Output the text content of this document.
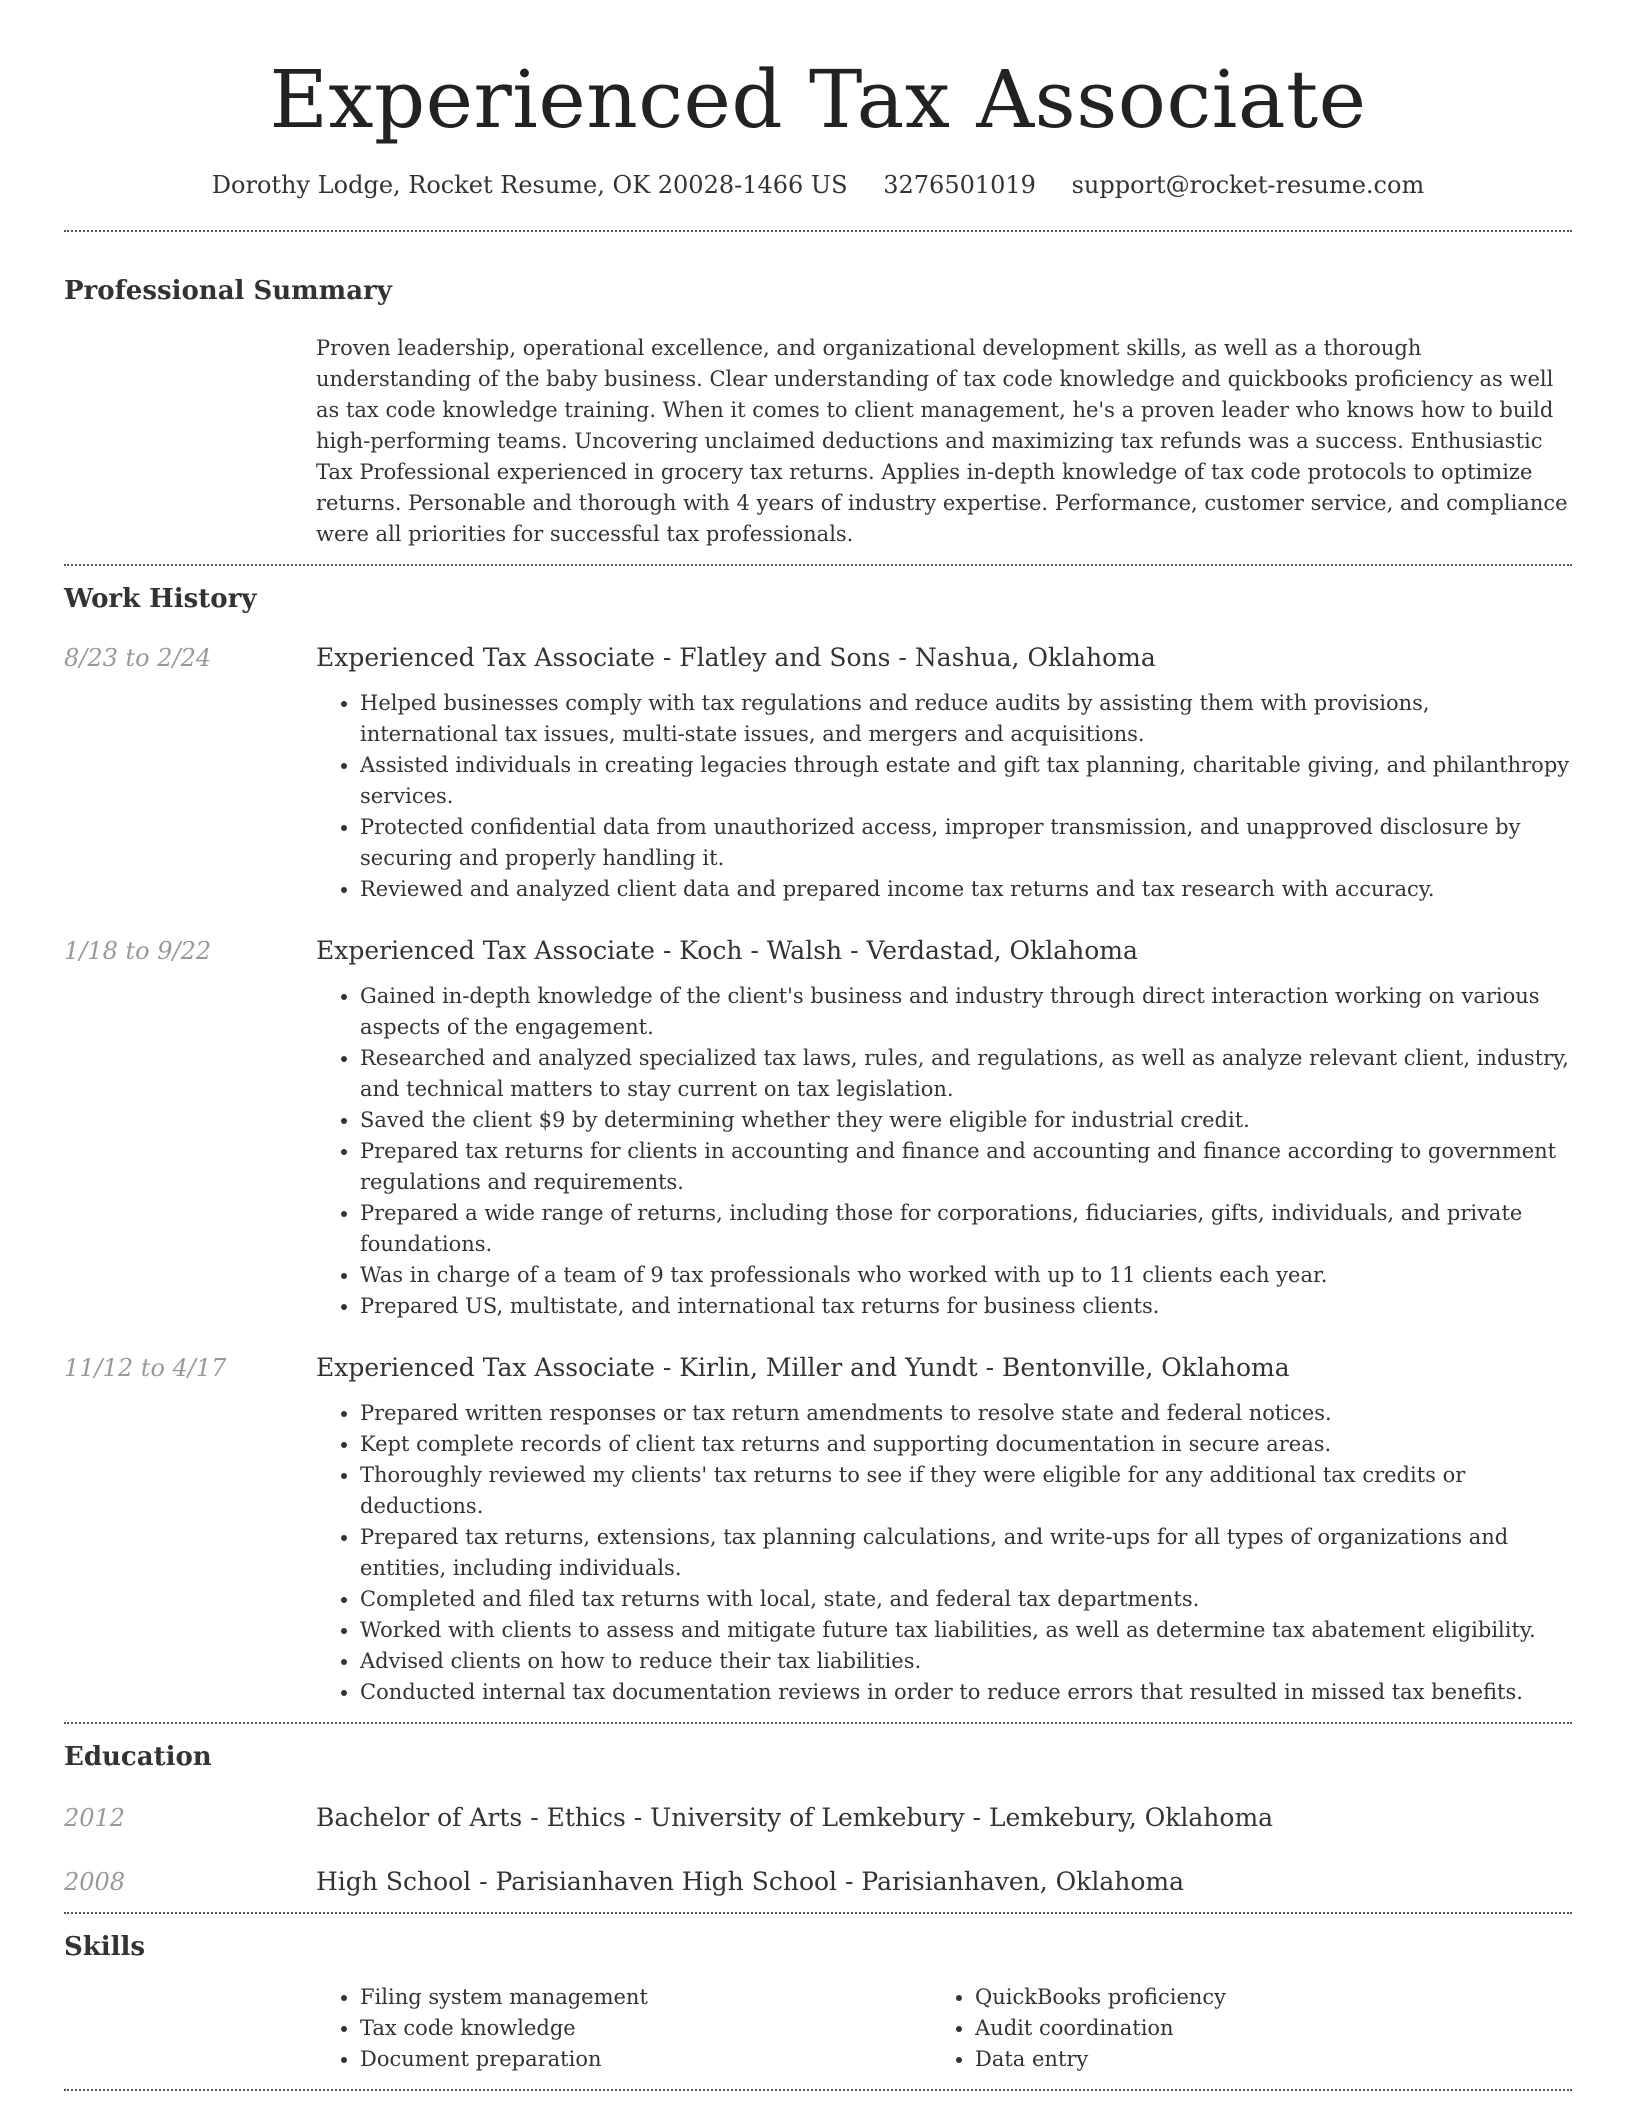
Experienced Tax Associate
Dorothy Lodge, Rocket Resume, OK 20028-1466 US 3276501019 support@rocket-resume.com
Professional Summary

Proven leadership, operational excellence, and organizational development skills, as well as a thorough understanding of the baby business. Clear understanding of tax code knowledge and quickbooks proficiency as well as tax code knowledge training. When it comes to client management, he's a proven leader who knows how to build high-performing teams. Uncovering unclaimed deductions and maximizing tax refunds was a success. Enthusiastic Tax Professional experienced in grocery tax returns. Applies in-depth knowledge of tax code protocols to optimize returns. Personable and thorough with 4 years of industry expertise. Performance, customer service, and compliance were all priorities for successful tax professionals.

Work History
8/23 to 2/24	Experienced Tax Associate - Flatley and Sons - Nashua, Oklahoma
• Helped businesses comply with tax regulations and reduce audits by assisting them with provisions, international tax issues, multi-state issues, and mergers and acquisitions.
• Assisted individuals in creating legacies through estate and gift tax planning, charitable giving, and philanthropy services.
• Protected confidential data from unauthorized access, improper transmission, and unapproved disclosure by securing and properly handling it.
• Reviewed and analyzed client data and prepared income tax returns and tax research with accuracy.
1/18 to 9/22	Experienced Tax Associate - Koch - Walsh - Verdastad, Oklahoma
• Gained in-depth knowledge of the client's business and industry through direct interaction working on various aspects of the engagement.
• Researched and analyzed specialized tax laws, rules, and regulations, as well as analyze relevant client, industry, and technical matters to stay current on tax legislation.
• Saved the client $9 by determining whether they were eligible for industrial credit.
• Prepared tax returns for clients in accounting and finance and accounting and finance according to government regulations and requirements.
• Prepared a wide range of returns, including those for corporations, fiduciaries, gifts, individuals, and private foundations.
• Was in charge of a team of 9 tax professionals who worked with up to 11 clients each year.
• Prepared US, multistate, and international tax returns for business clients.
11/12 to 4/17	Experienced Tax Associate - Kirlin, Miller and Yundt - Bentonville, Oklahoma
• Prepared written responses or tax return amendments to resolve state and federal notices.
• Kept complete records of client tax returns and supporting documentation in secure areas.
• Thoroughly reviewed my clients' tax returns to see if they were eligible for any additional tax credits or deductions.
• Prepared tax returns, extensions, tax planning calculations, and write-ups for all types of organizations and entities, including individuals.
• Completed and filed tax returns with local, state, and federal tax departments.
• Worked with clients to assess and mitigate future tax liabilities, as well as determine tax abatement eligibility.
• Advised clients on how to reduce their tax liabilities.
• Conducted internal tax documentation reviews in order to reduce errors that resulted in missed tax benefits.
Education
2012	Bachelor of Arts - Ethics - University of Lemkebury - Lemkebury, Oklahoma
2008	High School - Parisianhaven High School - Parisianhaven, Oklahoma
Skills
• Filing system management
• Tax code knowledge
• Document preparation
• QuickBooks proficiency
• Audit coordination
• Data entry
